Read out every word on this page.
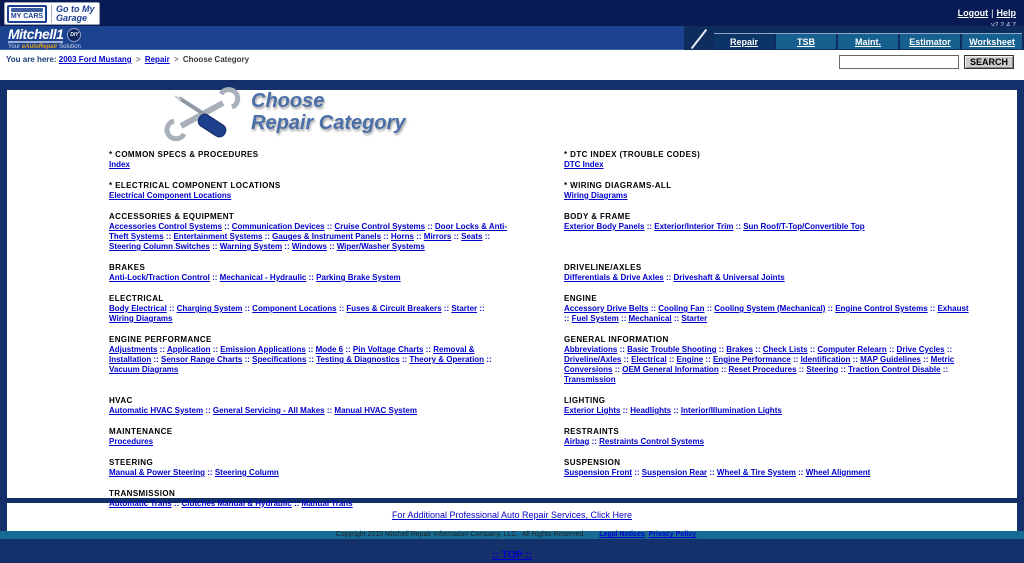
MY CARS
Go to My
Garage	Logout | Help
Mitchell1	DIY
Your eAutoRepair Solution	Repair	TSB	Maint.	Estimator	Worksheet
You are here: 2003 Ford Mustang > Repair > Choose Category	SEARCH
Choose
Repair Category
* COMMON SPECS & PROCEDURES
Index

* DTC INDEX (TROUBLE CODES)
DTC Index

* ELECTRICAL COMPONENT LOCATIONS
Electrical Component Locations

* WIRING DIAGRAMS-ALL
Wiring Diagrams

ACCESSORIES & EQUIPMENT
Accessories Control Systems :: Communication Devices :: Cruise Control Systems :: Door Locks & Anti-Theft Systems :: Entertainment Systems :: Gauges & Instrument Panels :: Horns :: Mirrors :: Seats :: Steering Column Switches :: Warning System :: Windows :: Wiper/Washer Systems

BODY & FRAME
Exterior Body Panels :: Exterior/Interior Trim :: Sun Roof/T-Top/Convertible Top

BRAKES
Anti-Lock/Traction Control :: Mechanical - Hydraulic :: Parking Brake System

DRIVELINE/AXLES
Differentials & Drive Axles :: Driveshaft & Universal Joints

ELECTRICAL
Body Electrical :: Charging System :: Component Locations :: Fuses & Circuit Breakers :: Starter :: Wiring Diagrams

ENGINE
Accessory Drive Belts :: Cooling Fan :: Cooling System (Mechanical) :: Engine Control Systems :: Exhaust :: Fuel System :: Mechanical :: Starter

ENGINE PERFORMANCE
Adjustments :: Application :: Emission Applications :: Mode 6 :: Pin Voltage Charts :: Removal & Installation :: Sensor Range Charts :: Specifications :: Testing & Diagnostics :: Theory & Operation :: Vacuum Diagrams

GENERAL INFORMATION
Abbreviations :: Basic Trouble Shooting :: Brakes :: Check Lists :: Computer Relearn :: Drive Cycles :: Driveline/Axles :: Electrical :: Engine :: Engine Performance :: Identification :: MAP Guidelines :: Metric Conversions :: OEM General Information :: Reset Procedures :: Steering :: Traction Control Disable :: Transmission

HVAC
Automatic HVAC System :: General Servicing - All Makes :: Manual HVAC System

LIGHTING
Exterior Lights :: Headlights :: Interior/Illumination Lights

MAINTENANCE
Procedures

RESTRAINTS
Airbag :: Restraints Control Systems

STEERING
Manual & Power Steering :: Steering Column

SUSPENSION
Suspension Front :: Suspension Rear :: Wheel & Tire System :: Wheel Alignment

TRANSMISSION
Automatic Trans :: Clutches Manual & Hydraulic :: Manual Trans

For Additional Professional Auto Repair Services, Click Here

Copyright 2015 Mitchell Repair Information Company, LLC.  All Rights Reserved. Legal Notices|Privacy Policy

:: TOP ::
